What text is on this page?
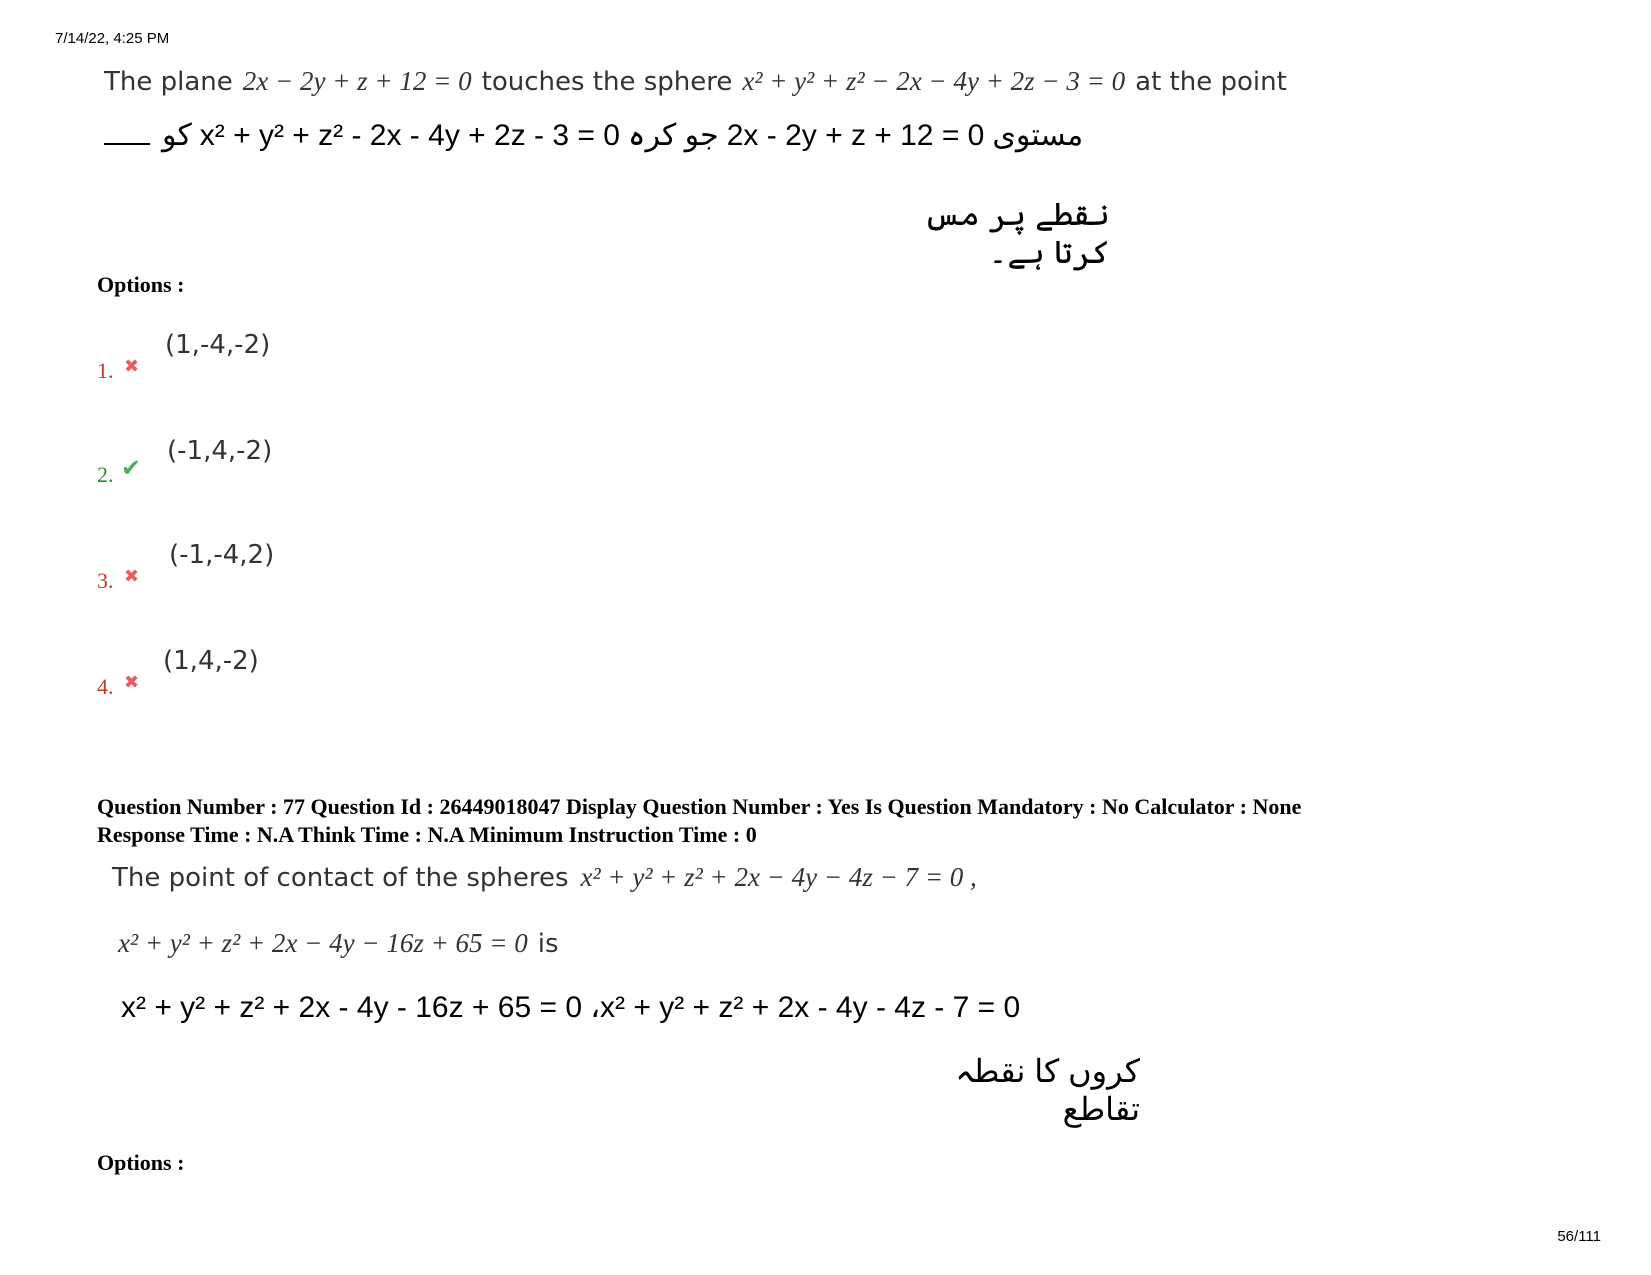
7/14/22, 4:25 PM
The plane 2x − 2y + z + 12 = 0 touches the sphere x² + y² + z² − 2x − 4y + 2z − 3 = 0 at the point
کو x² + y² + z² - 2x - 4y + 2z - 3 = 0 جو کرہ 2x - 2y + z + 12 = 0 مستوی
نقطے پر مس کرتا ہے۔
Options :
1. ✖
(1,-4,-2)
2. ✔
(-1,4,-2)
3. ✖
(-1,-4,2)
4. ✖
(1,4,-2)
Question Number : 77 Question Id : 26449018047 Display Question Number : Yes Is Question Mandatory : No Calculator : None
Response Time : N.A Think Time : N.A Minimum Instruction Time : 0
The point of contact of the spheres x² + y² + z² + 2x − 4y − 4z − 7 = 0 ,
x² + y² + z² + 2x − 4y − 16z + 65 = 0 is
x² + y² + z² + 2x - 4y - 16z + 65 = 0 ،x² + y² + z² + 2x - 4y - 4z - 7 = 0
کروں کا نقطہ تقاطع
Options :
56/111
